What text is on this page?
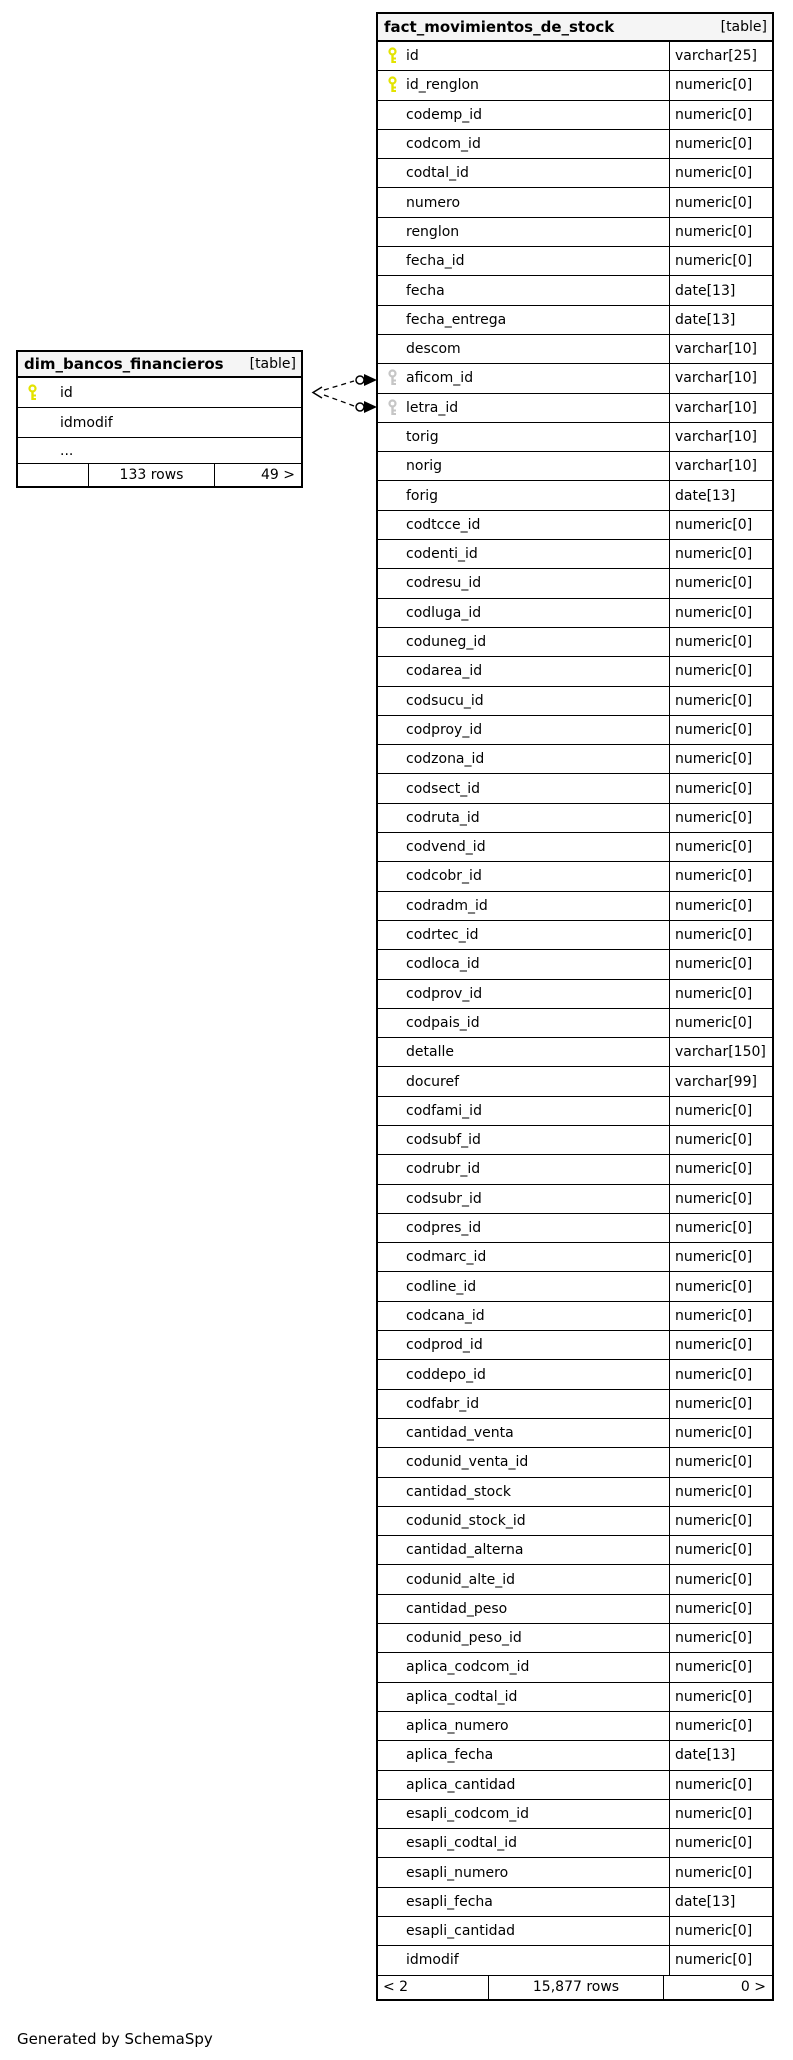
dim_bancos_financieros [table]
id
idmodif
...
133 rows	49 >
fact_movimientos_de_stock	[table]
id	varchar[25]
id_renglon	numeric[0]
codemp_id	numeric[0]
codcom_id	numeric[0]
codtal_id	numeric[0]
numero	numeric[0]
renglon	numeric[0]
fecha_id	numeric[0]
fecha	date[13]
fecha_entrega	date[13]
descom	varchar[10]
aficom_id	varchar[10]
letra_id	varchar[10]
torig	varchar[10]
norig	varchar[10]
forig	date[13]
codtcce_id	numeric[0]
codenti_id	numeric[0]
codresu_id	numeric[0]
codluga_id	numeric[0]
coduneg_id	numeric[0]
codarea_id	numeric[0]
codsucu_id	numeric[0]
codproy_id	numeric[0]
codzona_id	numeric[0]
codsect_id	numeric[0]
codruta_id	numeric[0]
codvend_id	numeric[0]
codcobr_id	numeric[0]
codradm_id	numeric[0]
codrtec_id	numeric[0]
codloca_id	numeric[0]
codprov_id	numeric[0]
codpais_id	numeric[0]
detalle	varchar[150]
docuref	varchar[99]
codfami_id	numeric[0]
codsubf_id	numeric[0]
codrubr_id	numeric[0]
codsubr_id	numeric[0]
codpres_id	numeric[0]
codmarc_id	numeric[0]
codline_id	numeric[0]
codcana_id	numeric[0]
codprod_id	numeric[0]
coddepo_id	numeric[0]
codfabr_id	numeric[0]
cantidad_venta	numeric[0]
codunid_venta_id	numeric[0]
cantidad_stock	numeric[0]
codunid_stock_id	numeric[0]
cantidad_alterna	numeric[0]
codunid_alte_id	numeric[0]
cantidad_peso	numeric[0]
codunid_peso_id	numeric[0]
aplica_codcom_id	numeric[0]
aplica_codtal_id	numeric[0]
aplica_numero	numeric[0]
aplica_fecha	date[13]
aplica_cantidad	numeric[0]
esapli_codcom_id	numeric[0]
esapli_codtal_id	numeric[0]
esapli_numero	numeric[0]
esapli_fecha	date[13]
esapli_cantidad	numeric[0]
idmodif	numeric[0]
< 2	15,877 rows	0 >
Generated by SchemaSpy
